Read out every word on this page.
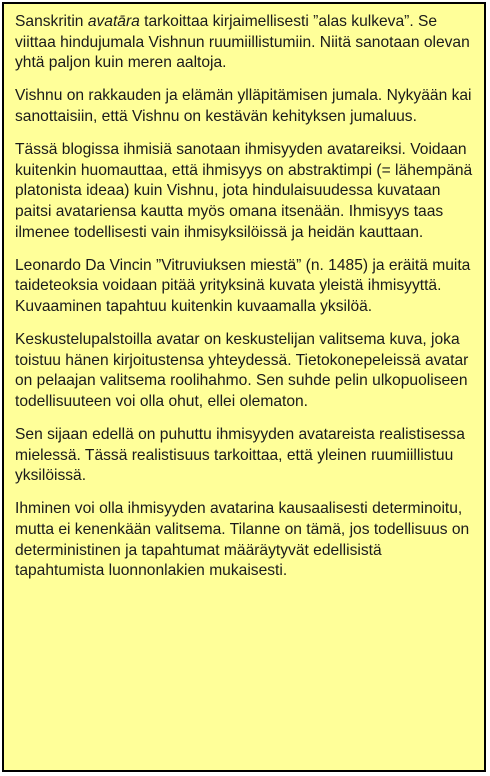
Sanskritin avatāra tarkoittaa kirjaimellisesti ”alas kulkeva”. Se viittaa hindujumala Vishnun ruumiillistumiin. Niitä sanotaan olevan yhtä paljon kuin meren aaltoja.

Vishnu on rakkauden ja elämän ylläpitämisen jumala. Nykyään kai sanottaisiin, että Vishnu on kestävän kehityksen jumaluus.

Tässä blogissa ihmisiä sanotaan ihmisyyden avatareiksi. Voidaan kuitenkin huomauttaa, että ihmisyys on abstraktimpi (= lähempänä platonista ideaa) kuin Vishnu, jota hindulaisuudessa kuvataan paitsi avatariensa kautta myös omana itsenään. Ihmisyys taas ilmenee todellisesti vain ihmisyksilöissä ja heidän kauttaan.

Leonardo Da Vincin ”Vitruviuksen miestä” (n. 1485) ja eräitä muita taideteoksia voidaan pitää yrityksinä kuvata yleistä ihmisyyttä. Kuvaaminen tapahtuu kuitenkin kuvaamalla yksilöä.

Keskustelupalstoilla avatar on keskustelijan valitsema kuva, joka toistuu hänen kirjoitustensa yhteydessä. Tietokonepeleissä avatar on pelaajan valitsema roolihahmo. Sen suhde pelin ulkopuoliseen todellisuuteen voi olla ohut, ellei olematon.

Sen sijaan edellä on puhuttu ihmisyyden avatareista realistisessa mielessä. Tässä realistisuus tarkoittaa, että yleinen ruumiillistuu yksilöissä.

Ihminen voi olla ihmisyyden avatarina kausaalisesti determinoitu, mutta ei kenenkään valitsema. Tilanne on tämä, jos todellisuus on deterministinen ja tapahtumat määräytyvät edellisistä tapahtumista luonnonlakien mukaisesti.
